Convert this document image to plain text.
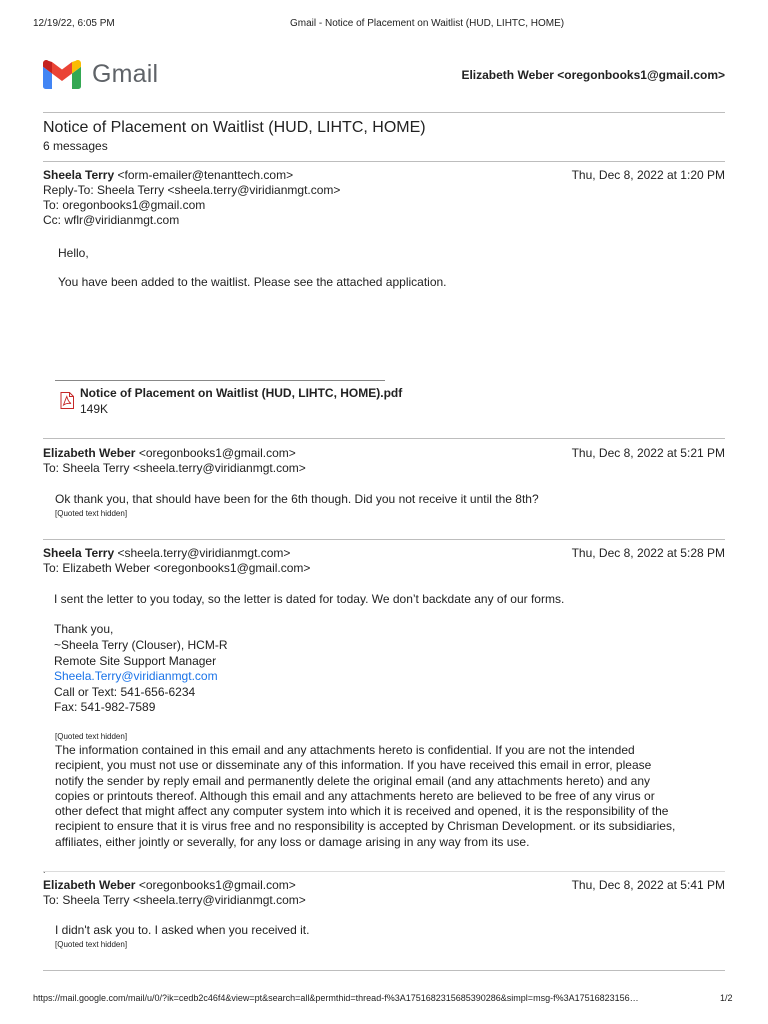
12/19/22, 6:05 PM	Gmail - Notice of Placement on Waitlist (HUD, LIHTC, HOME)
Gmail	Elizabeth Weber <oregonbooks1@gmail.com>
Notice of Placement on Waitlist (HUD, LIHTC, HOME)
6 messages
Sheela Terry <form-emailer@tenanttech.com>	Thu, Dec 8, 2022 at 1:20 PM
Reply-To: Sheela Terry <sheela.terry@viridianmgt.com>
To: oregonbooks1@gmail.com
Cc: wflr@viridianmgt.com
Hello,
You have been added to the waitlist. Please see the attached application.
Notice of Placement on Waitlist (HUD, LIHTC, HOME).pdf
149K
Elizabeth Weber <oregonbooks1@gmail.com>	Thu, Dec 8, 2022 at 5:21 PM
To: Sheela Terry <sheela.terry@viridianmgt.com>
Ok thank you, that should have been for the 6th though. Did you not receive it until the 8th?
[Quoted text hidden]
Sheela Terry <sheela.terry@viridianmgt.com>	Thu, Dec 8, 2022 at 5:28 PM
To: Elizabeth Weber <oregonbooks1@gmail.com>
I sent the letter to you today, so the letter is dated for today. We don’t backdate any of our forms.
Thank you,
~Sheela Terry (Clouser), HCM-R
Remote Site Support Manager
Sheela.Terry@viridianmgt.com
Call or Text: 541-656-6234
Fax: 541-982-7589
[Quoted text hidden]
The information contained in this email and any attachments hereto is confidential. If you are not the intended
recipient, you must not use or disseminate any of this information. If you have received this email in error, please
notify the sender by reply email and permanently delete the original email (and any attachments hereto) and any
copies or printouts thereof. Although this email and any attachments hereto are believed to be free of any virus or
other defect that might affect any computer system into which it is received and opened, it is the responsibility of the
recipient to ensure that it is virus free and no responsibility is accepted by Chrisman Development. or its subsidiaries,
affiliates, either jointly or severally, for any loss or damage arising in any way from its use.
.
Elizabeth Weber <oregonbooks1@gmail.com>	Thu, Dec 8, 2022 at 5:41 PM
To: Sheela Terry <sheela.terry@viridianmgt.com>
I didn't ask you to. I asked when you received it.
[Quoted text hidden]
https://mail.google.com/mail/u/0/?ik=cedb2c46f4&view=pt&search=all&permthid=thread-f%3A1751682315685390286&simpl=msg-f%3A17516823156…	1/2
